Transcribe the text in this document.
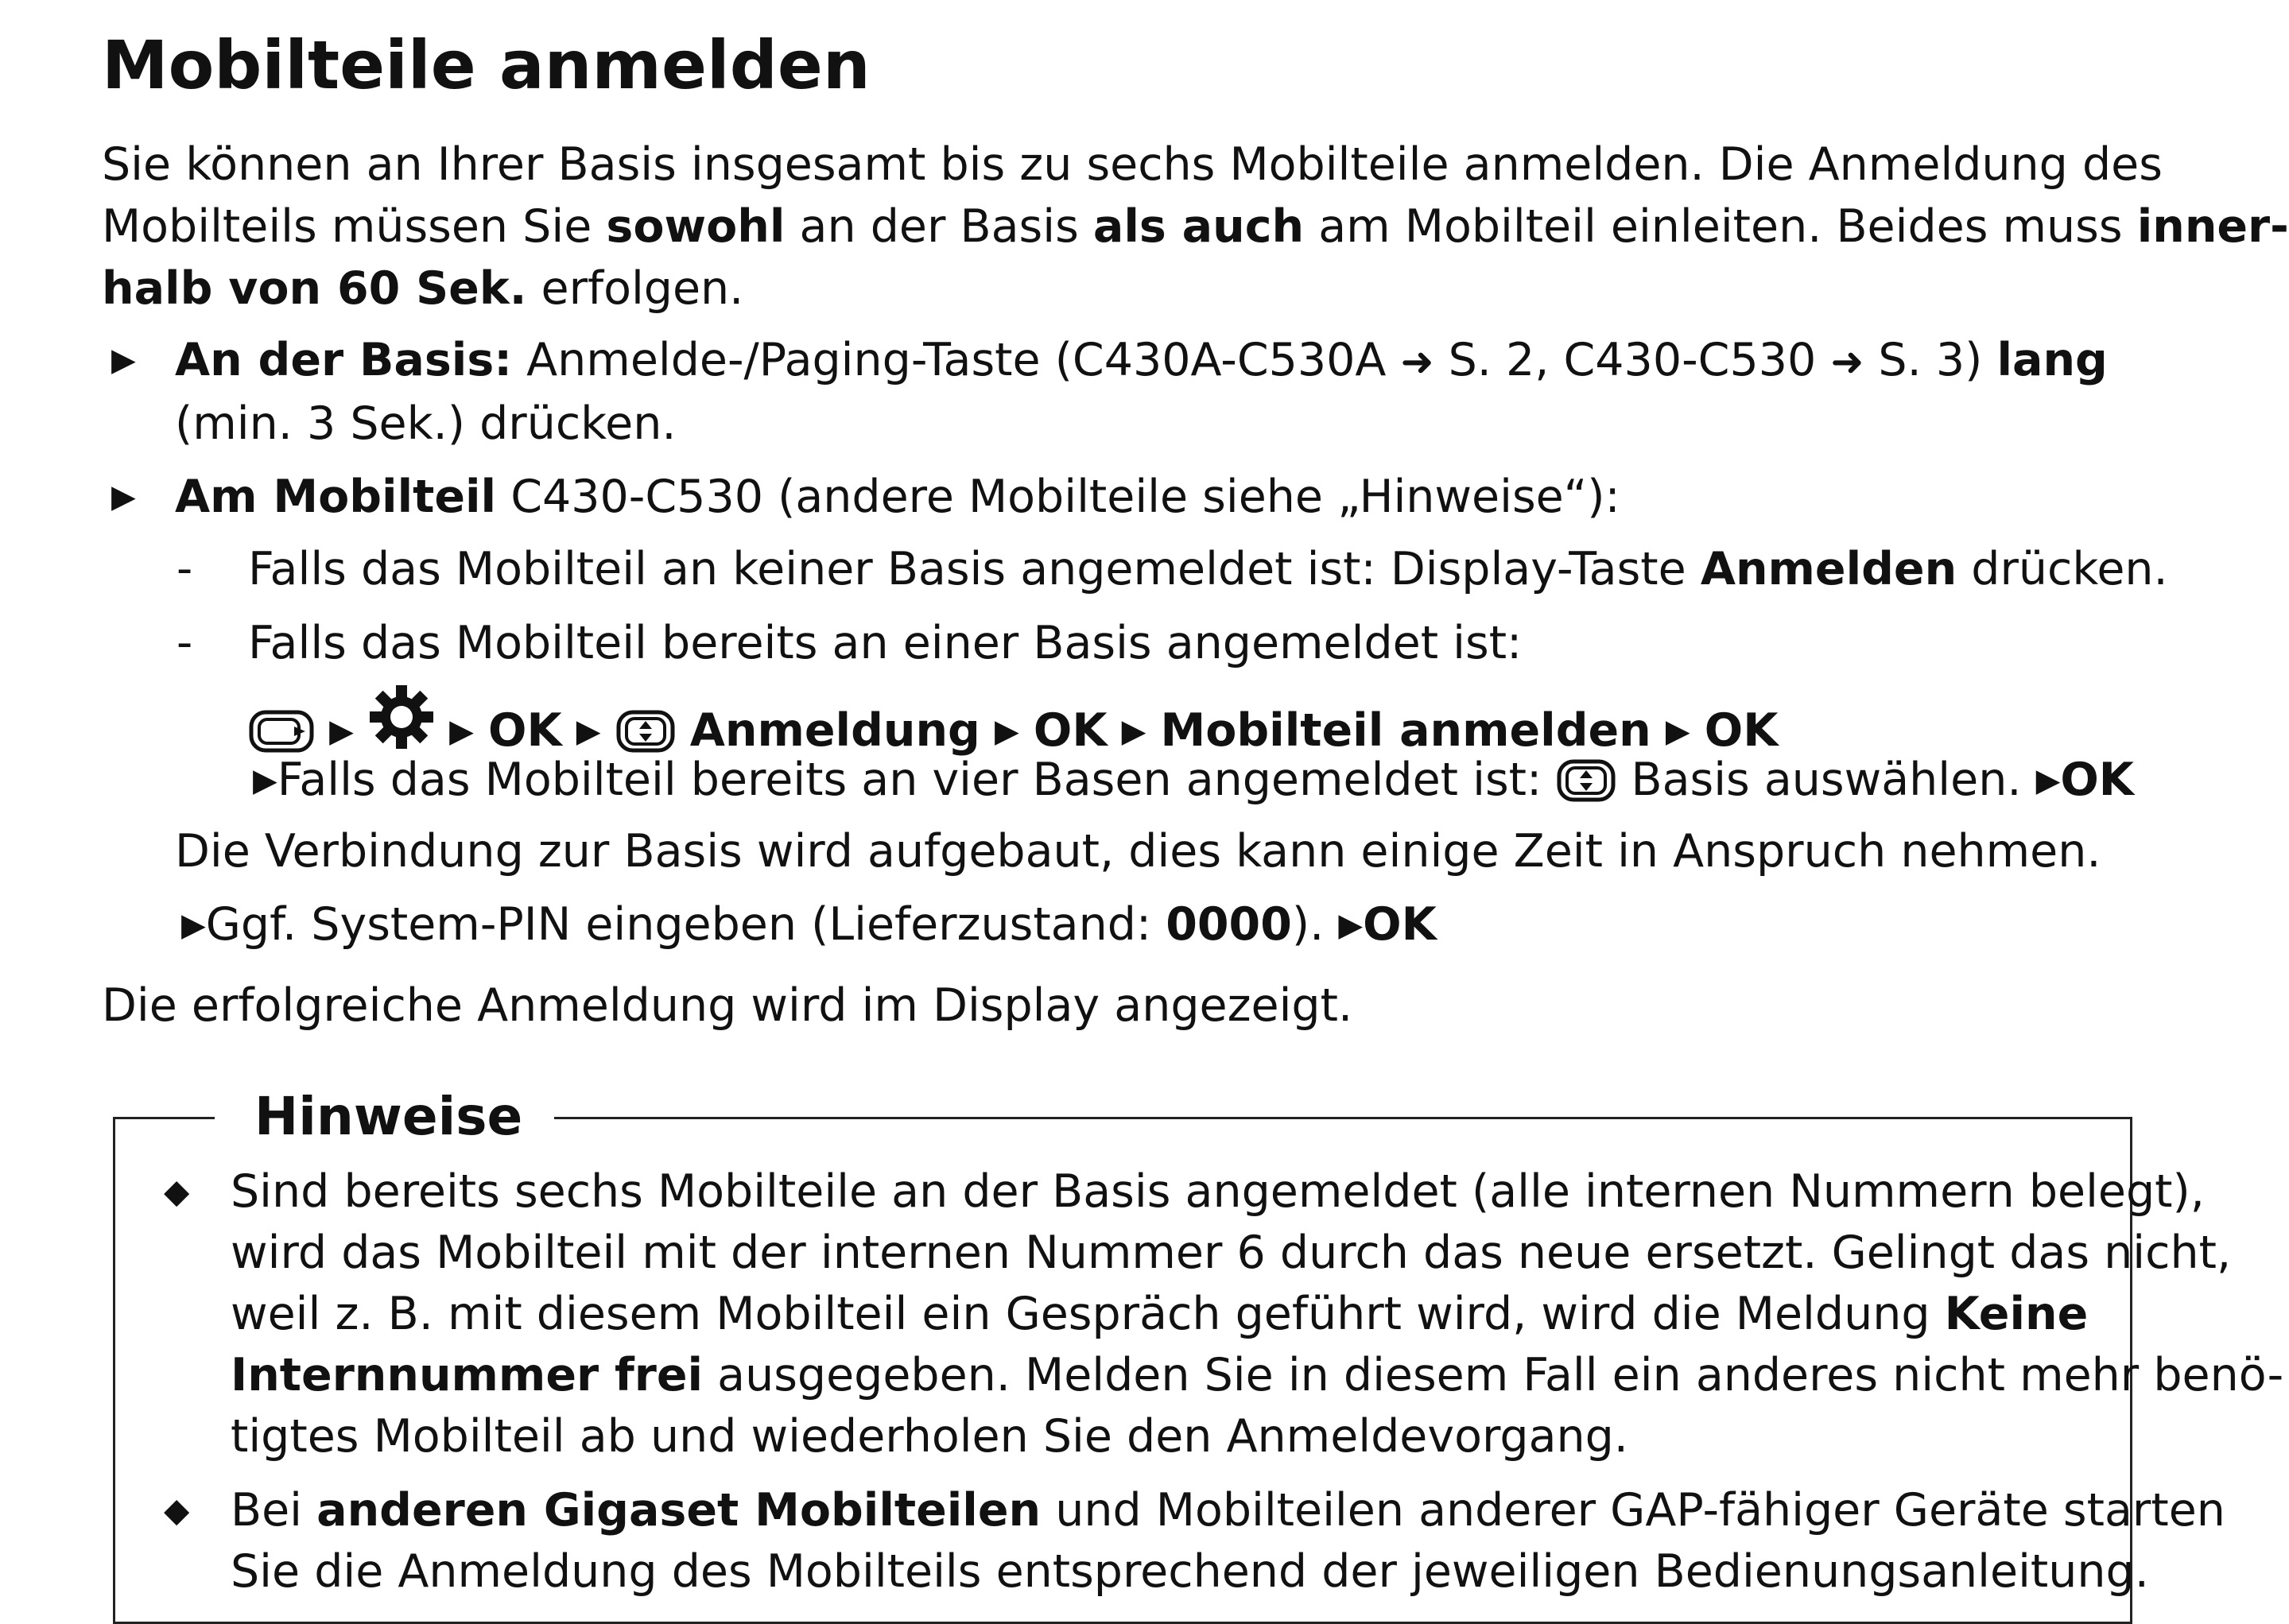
Mobilteile anmelden
Sie können an Ihrer Basis insgesamt bis zu sechs Mobilteile anmelden. Die Anmeldung des
Mobilteils müssen Sie sowohl an der Basis als auch am Mobilteil einleiten. Beides muss inner-
halb von 60 Sek. erfolgen.
▶ An der Basis: Anmelde-/Paging-Taste (C430A-C530A ➜ S. 2, C430-C530 ➜ S. 3) lang
(min. 3 Sek.) drücken.
▶ Am Mobilteil C430-C530 (andere Mobilteile siehe „Hinweise“):
- Falls das Mobilteil an keiner Basis angemeldet ist: Display-Taste Anmelden drücken.
- Falls das Mobilteil bereits an einer Basis angemeldet ist:
▶	▶ OK ▶  Anmeldung ▶ OK ▶ Mobilteil anmelden ▶ OK
▶Falls das Mobilteil bereits an vier Basen angemeldet ist:  Basis auswählen. ▶OK
Die Verbindung zur Basis wird aufgebaut, dies kann einige Zeit in Anspruch nehmen.
▶Ggf. System-PIN eingeben (Lieferzustand: 0000). ▶OK
Die erfolgreiche Anmeldung wird im Display angezeigt.
Hinweise
◆ Sind bereits sechs Mobilteile an der Basis angemeldet (alle internen Nummern belegt),
wird das Mobilteil mit der internen Nummer 6 durch das neue ersetzt. Gelingt das nicht,
weil z. B. mit diesem Mobilteil ein Gespräch geführt wird, wird die Meldung Keine
Internnummer frei ausgegeben. Melden Sie in diesem Fall ein anderes nicht mehr benö-
tigtes Mobilteil ab und wiederholen Sie den Anmeldevorgang.
◆ Bei anderen Gigaset Mobilteilen und Mobilteilen anderer GAP-fähiger Geräte starten
Sie die Anmeldung des Mobilteils entsprechend der jeweiligen Bedienungsanleitung.
